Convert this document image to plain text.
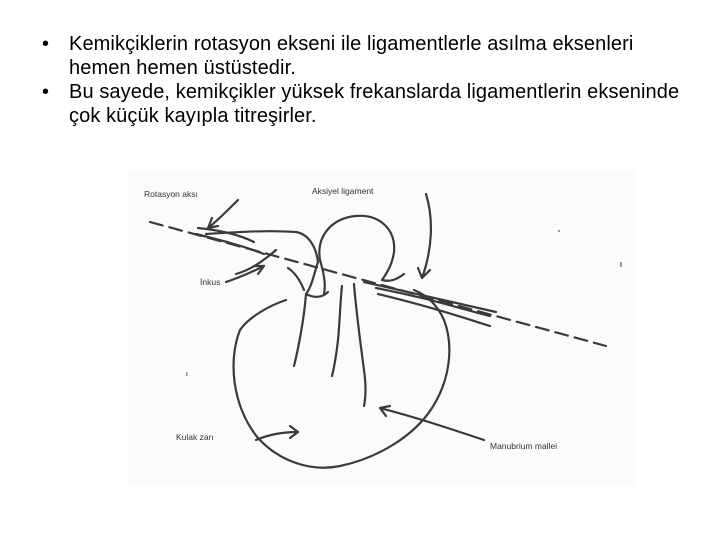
• Kemikçiklerin rotasyon ekseni ile ligamentlerle asılma eksenleri hemen hemen üstüstedir.
• Bu sayede, kemikçikler yüksek frekanslarda ligamentlerin ekseninde çok küçük kayıpla titreşirler.
Rotasyon aksı	Aksiyel ligament
İnkus
Kulak zarı
Manubrium mallei
